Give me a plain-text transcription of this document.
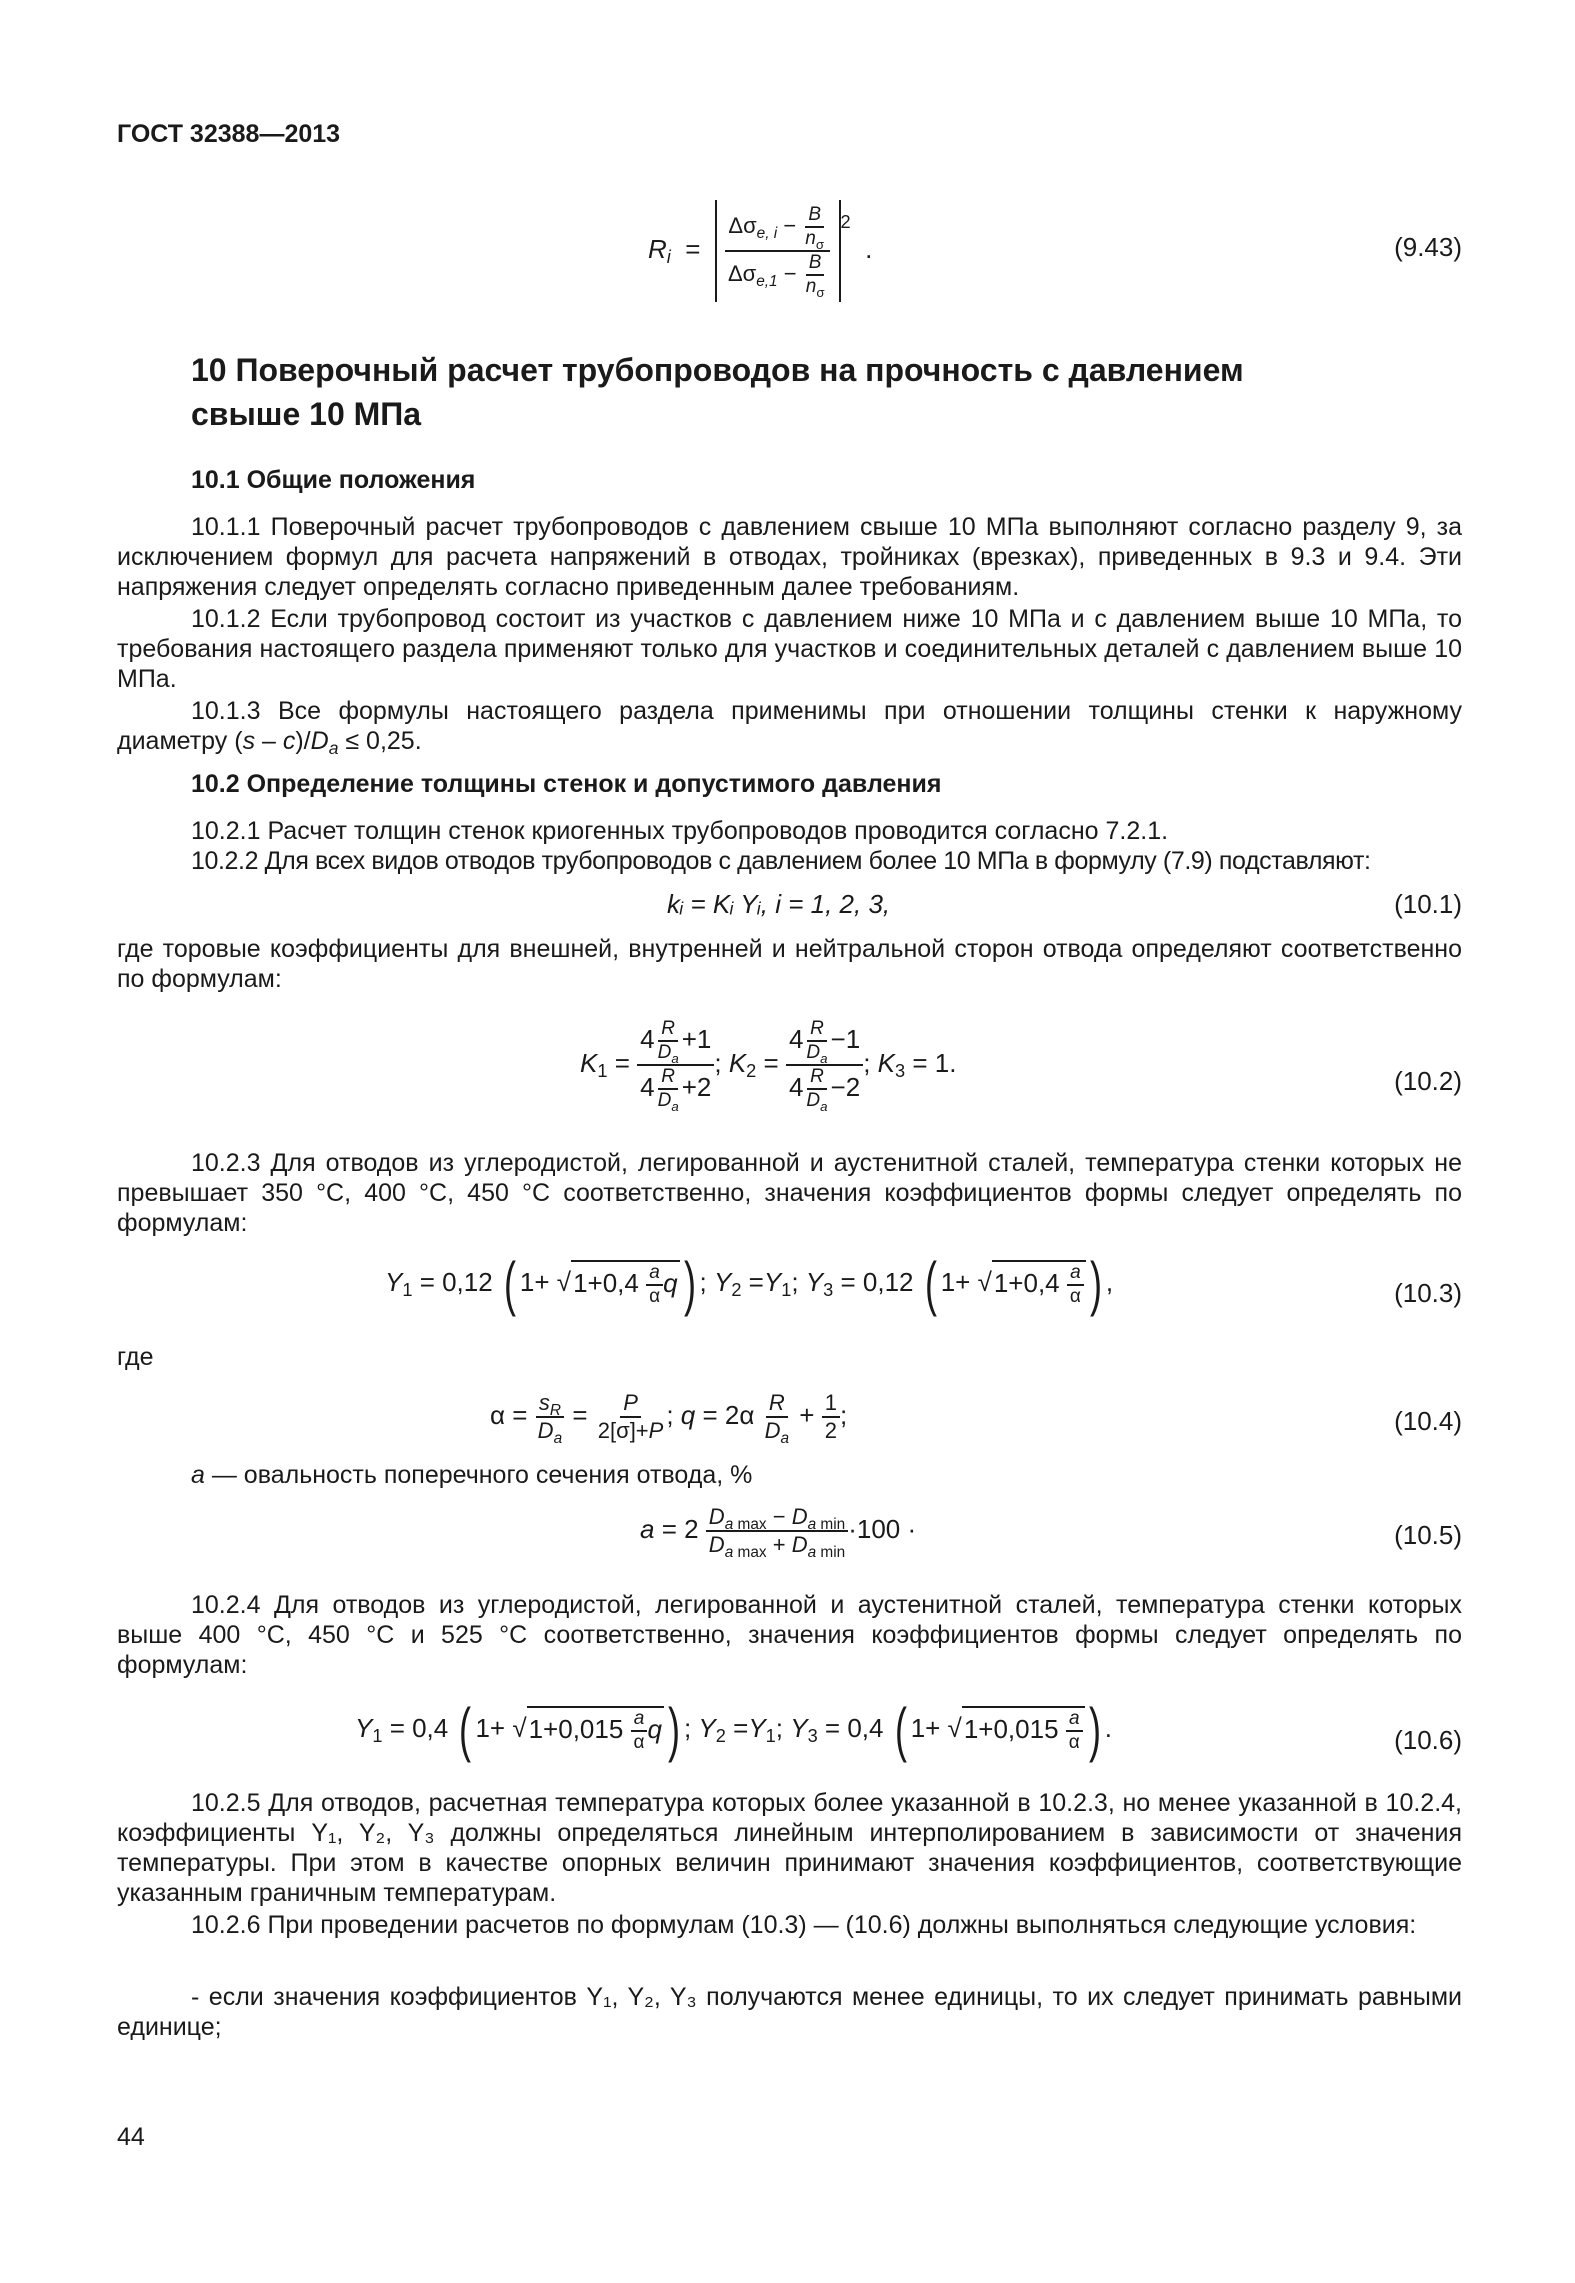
ГОСТ 32388—2013
$R_i = \frac{\Delta\sigma_{e, i} - \frac{B}{n_\sigma}}{\Delta\sigma_{e,1} - \frac{B}{n_\sigma}} ^2$  .	(9.43)
10 Поверочный расчет трубопроводов на прочность с давлением
свыше 10 МПа
10.1 Общие положения
10.1.1 Поверочный расчет трубопроводов с давлением свыше 10 МПа выполняют согласно разделу 9, за исключением формул для расчета напряжений в отводах, тройниках (врезках), приведенных в 9.3 и 9.4. Эти напряжения следует определять согласно приведенным далее требованиям.
10.1.2 Если трубопровод состоит из участков с давлением ниже 10 МПа и с давлением выше 10 МПа, то требования настоящего раздела применяют только для участков и соединительных деталей с давлением выше 10 МПа.
10.1.3 Все формулы настоящего раздела применимы при отношении толщины стенки к наружному диаметру $(s - c)/D_a \le 0,25$.
10.2 Определение толщины стенок и допустимого давления
10.2.1 Расчет толщин стенок криогенных трубопроводов проводится согласно 7.2.1.
10.2.2 Для всех видов отводов трубопроводов с давлением более 10 МПа в формулу (7.9) подставляют:
kᵢ = Kᵢ Yᵢ, i = 1, 2, 3,	(10.1)
где торовые коэффициенты для внешней, внутренней и нейтральной сторон отвода определяют соответственно по формулам:
$K_1 = \frac{4 \frac{R}{D_a} +1}{4 \frac{R}{D_a} +2}$ ; $K_2 = \frac{4 \frac{R}{D_a} -1}{4 \frac{R}{D_a} -2}$ ; $K_3 = 1$.
(10.2)
10.2.3 Для отводов из углеродистой, легированной и аустенитной сталей, температура стенки которых не превышает 350 °C, 400 °C, 450 °C соответственно, значения коэффициентов формы следует определять по формулам:
$Y_1 = 0,12$ ( $1+ √1+0,4 \frac{a}{\alpha} q$) ; $Y_2 =Y_1$; $Y_3 = 0,12$ ( $1+ √1+0,4 \frac{a}{\alpha}$ ) ,	(10.3)
где
$\alpha = \frac{s_R}{D_a} = \frac{P}{2[\sigma]+P}$ ; $q = 2\alpha \frac{R}{D_a} + \frac{1}{2}$ ;	(10.4)
a — овальность поперечного сечения отвода, %
$a = 2 \frac{D_{a max} - D_{a min}}{D_{a max} + D_{a min}} \cdot 100$ ·	(10.5)
10.2.4 Для отводов из углеродистой, легированной и аустенитной сталей, температура стенки которых выше 400 °C, 450 °C и 525 °C соответственно, значения коэффициентов формы следует определять по формулам:
$Y_1 = 0,4$ ( $1+ √1+0,015 \frac{a}{\alpha} q$) ; $Y_2 =Y_1$; $Y_3 = 0,4$ ( $1+ √1+0,015 \frac{a}{\alpha}$ ) .	(10.6)
10.2.5 Для отводов, расчетная температура которых более указанной в 10.2.3, но менее указанной в 10.2.4, коэффициенты Y₁, Y₂, Y₃ должны определяться линейным интерполированием в зависимости от значения температуры. При этом в качестве опорных величин принимают значения коэффициентов, соответствующие указанным граничным температурам.
10.2.6 При проведении расчетов по формулам (10.3) — (10.6) должны выполняться следующие условия:
- если значения коэффициентов Y₁, Y₂, Y₃ получаются менее единицы, то их следует принимать равными единице;
44
